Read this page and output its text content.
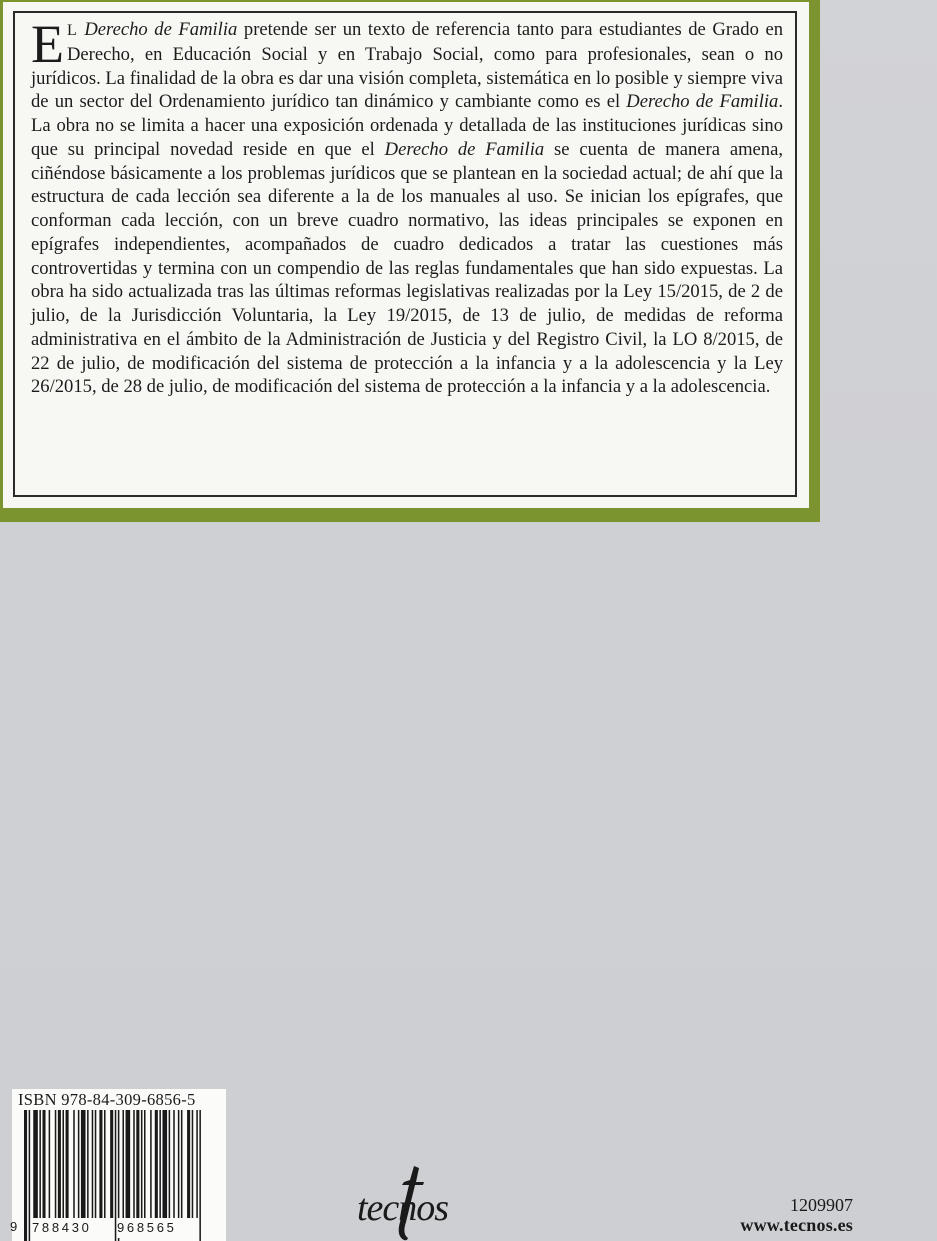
E L Derecho de Familia pretende ser un texto de referencia tanto para estudiantes de Grado en Derecho, en Educación Social y en Trabajo Social, como para profesionales, sean o no jurídicos. La finalidad de la obra es dar una visión completa, sistemática en lo posible y siempre viva de un sector del Ordenamiento jurídico tan dinámico y cambiante como es el Derecho de Familia. La obra no se limita a hacer una exposición ordenada y detallada de las instituciones jurídicas sino que su principal novedad reside en que el Derecho de Familia se cuenta de manera amena, ciñéndose básicamente a los problemas jurídicos que se plantean en la sociedad actual; de ahí que la estructura de cada lección sea diferente a la de los manuales al uso. Se inician los epígrafes, que conforman cada lección, con un breve cuadro normativo, las ideas principales se exponen en epígrafes independientes, acompañados de cuadro dedicados a tratar las cuestiones más controvertidas y termina con un compendio de las reglas fundamentales que han sido expuestas. La obra ha sido actualizada tras las últimas reformas legislativas realizadas por la Ley 15/2015, de 2 de julio, de la Jurisdicción Voluntaria, la Ley 19/2015, de 13 de julio, de medidas de reforma administrativa en el ámbito de la Administración de Justicia y del Registro Civil, la LO 8/2015, de 22 de julio, de modificación del sistema de protección a la infancia y a la adolescencia y la Ley 26/2015, de 28 de julio, de modificación del sistema de protección a la infancia y a la adolescencia.

ISBN 978-84-309-6856-5
9 788430 968565	tecnos	1209907
www.tecnos.es
